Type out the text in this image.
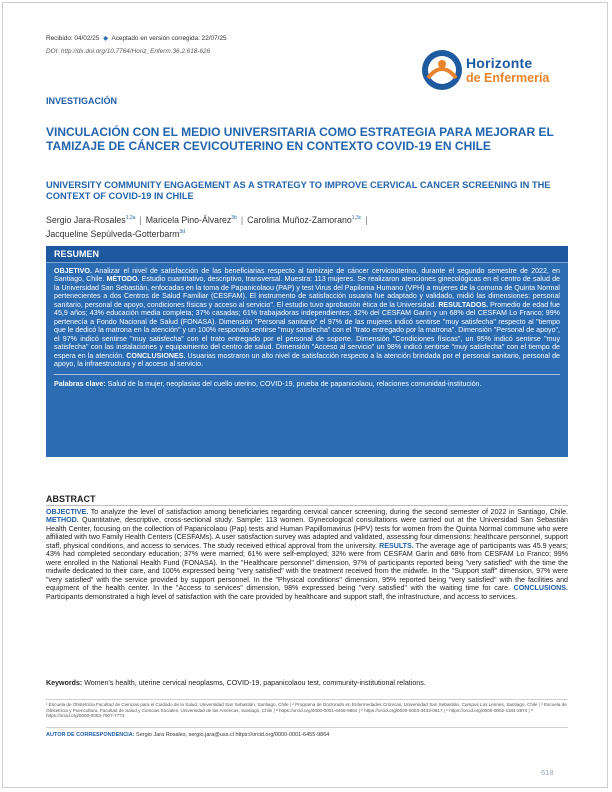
Recibido: 04/02/25 ◆ Aceptado en versión corregida: 22/07/25
DOI: http://dx.doi.org/10.7764/Horiz_Enferm.36.2.618-626
Horizonte
de Enfermería
INVESTIGACIÓN
VINCULACIÓN CON EL MEDIO UNIVERSITARIA COMO ESTRATEGIA PARA MEJORAR EL TAMIZAJE DE CÁNCER CEVICOUTERINO EN CONTEXTO COVID-19 EN CHILE
UNIVERSITY COMMUNITY ENGAGEMENT AS A STRATEGY TO IMPROVE CERVICAL CANCER SCREENING IN THE CONTEXT OF COVID-19 IN CHILE
Sergio Jara-Rosales$^{1,2a}$ | Maricela Pino-Álvarez$^{3b}$ | Carolina Muñoz-Zamorano$^{1,3c}$ |
Jacqueline Sepúlveda-Gotterbarm$^{3d}$
RESUMEN
OBJETIVO. Analizar el nivel de satisfacción de las beneficiarias respecto al tamizaje de cáncer cervicouterino, durante el segundo semestre de 2022, en Santiago, Chile. MÉTODO. Estudio cuantitativo, descriptivo, transversal. Muestra: 113 mujeres. Se realizaron atenciones ginecológicas en el centro de salud de la Universidad San Sebastián, enfocadas en la toma de Papanicolaou (PAP) y test Virus del Papiloma Humano (VPH) a mujeres de la comuna de Quinta Normal pertenecientes a dos Centros de Salud Familiar (CESFAM). El instrumento de satisfacción usuaria fue adaptado y validado, midió las dimensiones: personal sanitario, personal de apoyo, condiciones físicas y acceso al servicio". El estudio tuvo aprobación ética de la Universidad. RESULTADOS. Promedio de edad fue 45,9 años; 43% educación media completa; 37% casadas; 61% trabajadoras independientes; 32% del CESFAM Garín y un 68% del CESFAM Lo Franco; 99% pertenecía a Fondo Nacional de Salud (FONASA). Dimensión "Personal sanitario" el 97% de las mujeres indicó sentirse "muy satisfecha" respecto al "tiempo que le dedicó la matrona en la atención" y un 100% respondió sentirse "muy satisfecha" con el "trato entregado por la matrona". Dimensión "Personal de apoyo", el 97% indicó sentirse "muy satisfecha" con el trato entregado por el personal de soporte. Dimensión "Condiciones físicas", un 95% indicó sentirse "muy satisfecha" con las instalaciones y equipamiento del centro de salud. Dimensión "Acceso al servicio" un 98% indicó sentirse "muy satisfecha" con el tiempo de espera en la atención. CONCLUSIONES. Usuarias mostraron un alto nivel de satisfacción respecto a la atención brindada por el personal sanitario, personal de apoyo, la infraestructura y el acceso al servicio.
Palabras clave: Salud de la mujer, neoplasias del cuello uterino, COVID-19, prueba de papanicolaou, relaciones comunidad-institución.
ABSTRACT
OBJECTIVE. To analyze the level of satisfaction among beneficiaries regarding cervical cancer screening, during the second semester of 2022 in Santiago, Chile. METHOD. Quantitative, descriptive, cross-sectional study. Sample: 113 women. Gynecological consultations were carried out at the Universidad San Sebastián Health Center, focusing on the collection of Papanicolaou (Pap) tests and Human Papillomavirus (HPV) tests for women from the Quinta Normal commune who were affiliated with two Family Health Centers (CESFAMs). A user satisfaction survey was adapted and validated, assessing four dimensions: healthcare personnel, support staff, physical conditions, and access to services. The study received ethical approval from the university. RESULTS. The average age of participants was 45.9 years; 43% had completed secondary education; 37% were married; 61% were self-employed; 32% were from CESFAM Garín and 68% from CESFAM Lo Franco; 99% were enrolled in the National Health Fund (FONASA). In the "Healthcare personnel" dimension, 97% of participants reported being "very satisfied" with the time the midwife dedicated to their care, and 100% expressed being "very satisfied" with the treatment received from the midwife. In the "Support staff" dimension, 97% were "very satisfied" with the service provided by support personnel. In the "Physical conditions" dimension, 95% reported being "very satisfied" with the facilities and equipment of the health center. In the "Access to services" dimension, 98% expressed being "very satisfied" with the waiting time for care. CONCLUSIONS. Participants demonstrated a high level of satisfaction with the care provided by healthcare and support staff, the infrastructure, and access to services.
Keywords: Women's health, uterine cervical neoplasms, COVID-19, papanicolaou test, community-institutional relations.
¹ Escuela de Obstetricia Facultad de Ciencias para el Cuidado de la Salud, Universidad San Sebastián, Santiago, Chile | ² Programa de Doctorado en Enfermedades Crónicas, Universidad San Sebastián, Campus Los Leones, Santiago, Chile | ³ Escuela de Obstetricia y Puericultura, Facultad de Salud y Ciencias Sociales, Universidad de las Américas, Santiago, Chile | ᵃ https://orcid.org/0000-0001-6455-9864 | ᵇ https://orcid.org/0000-0003-3433-0817 | ᶜ https://orcid.org/0000-0002-1184-3874 | ᵈ https://orcid.org/0000-0003-7907-7773
AUTOR DE CORRESPONDENCIA: Sergio Jara Rosales, sergio.jara@uss.cl https://orcid.org/0000-0001-6455-9864
618
